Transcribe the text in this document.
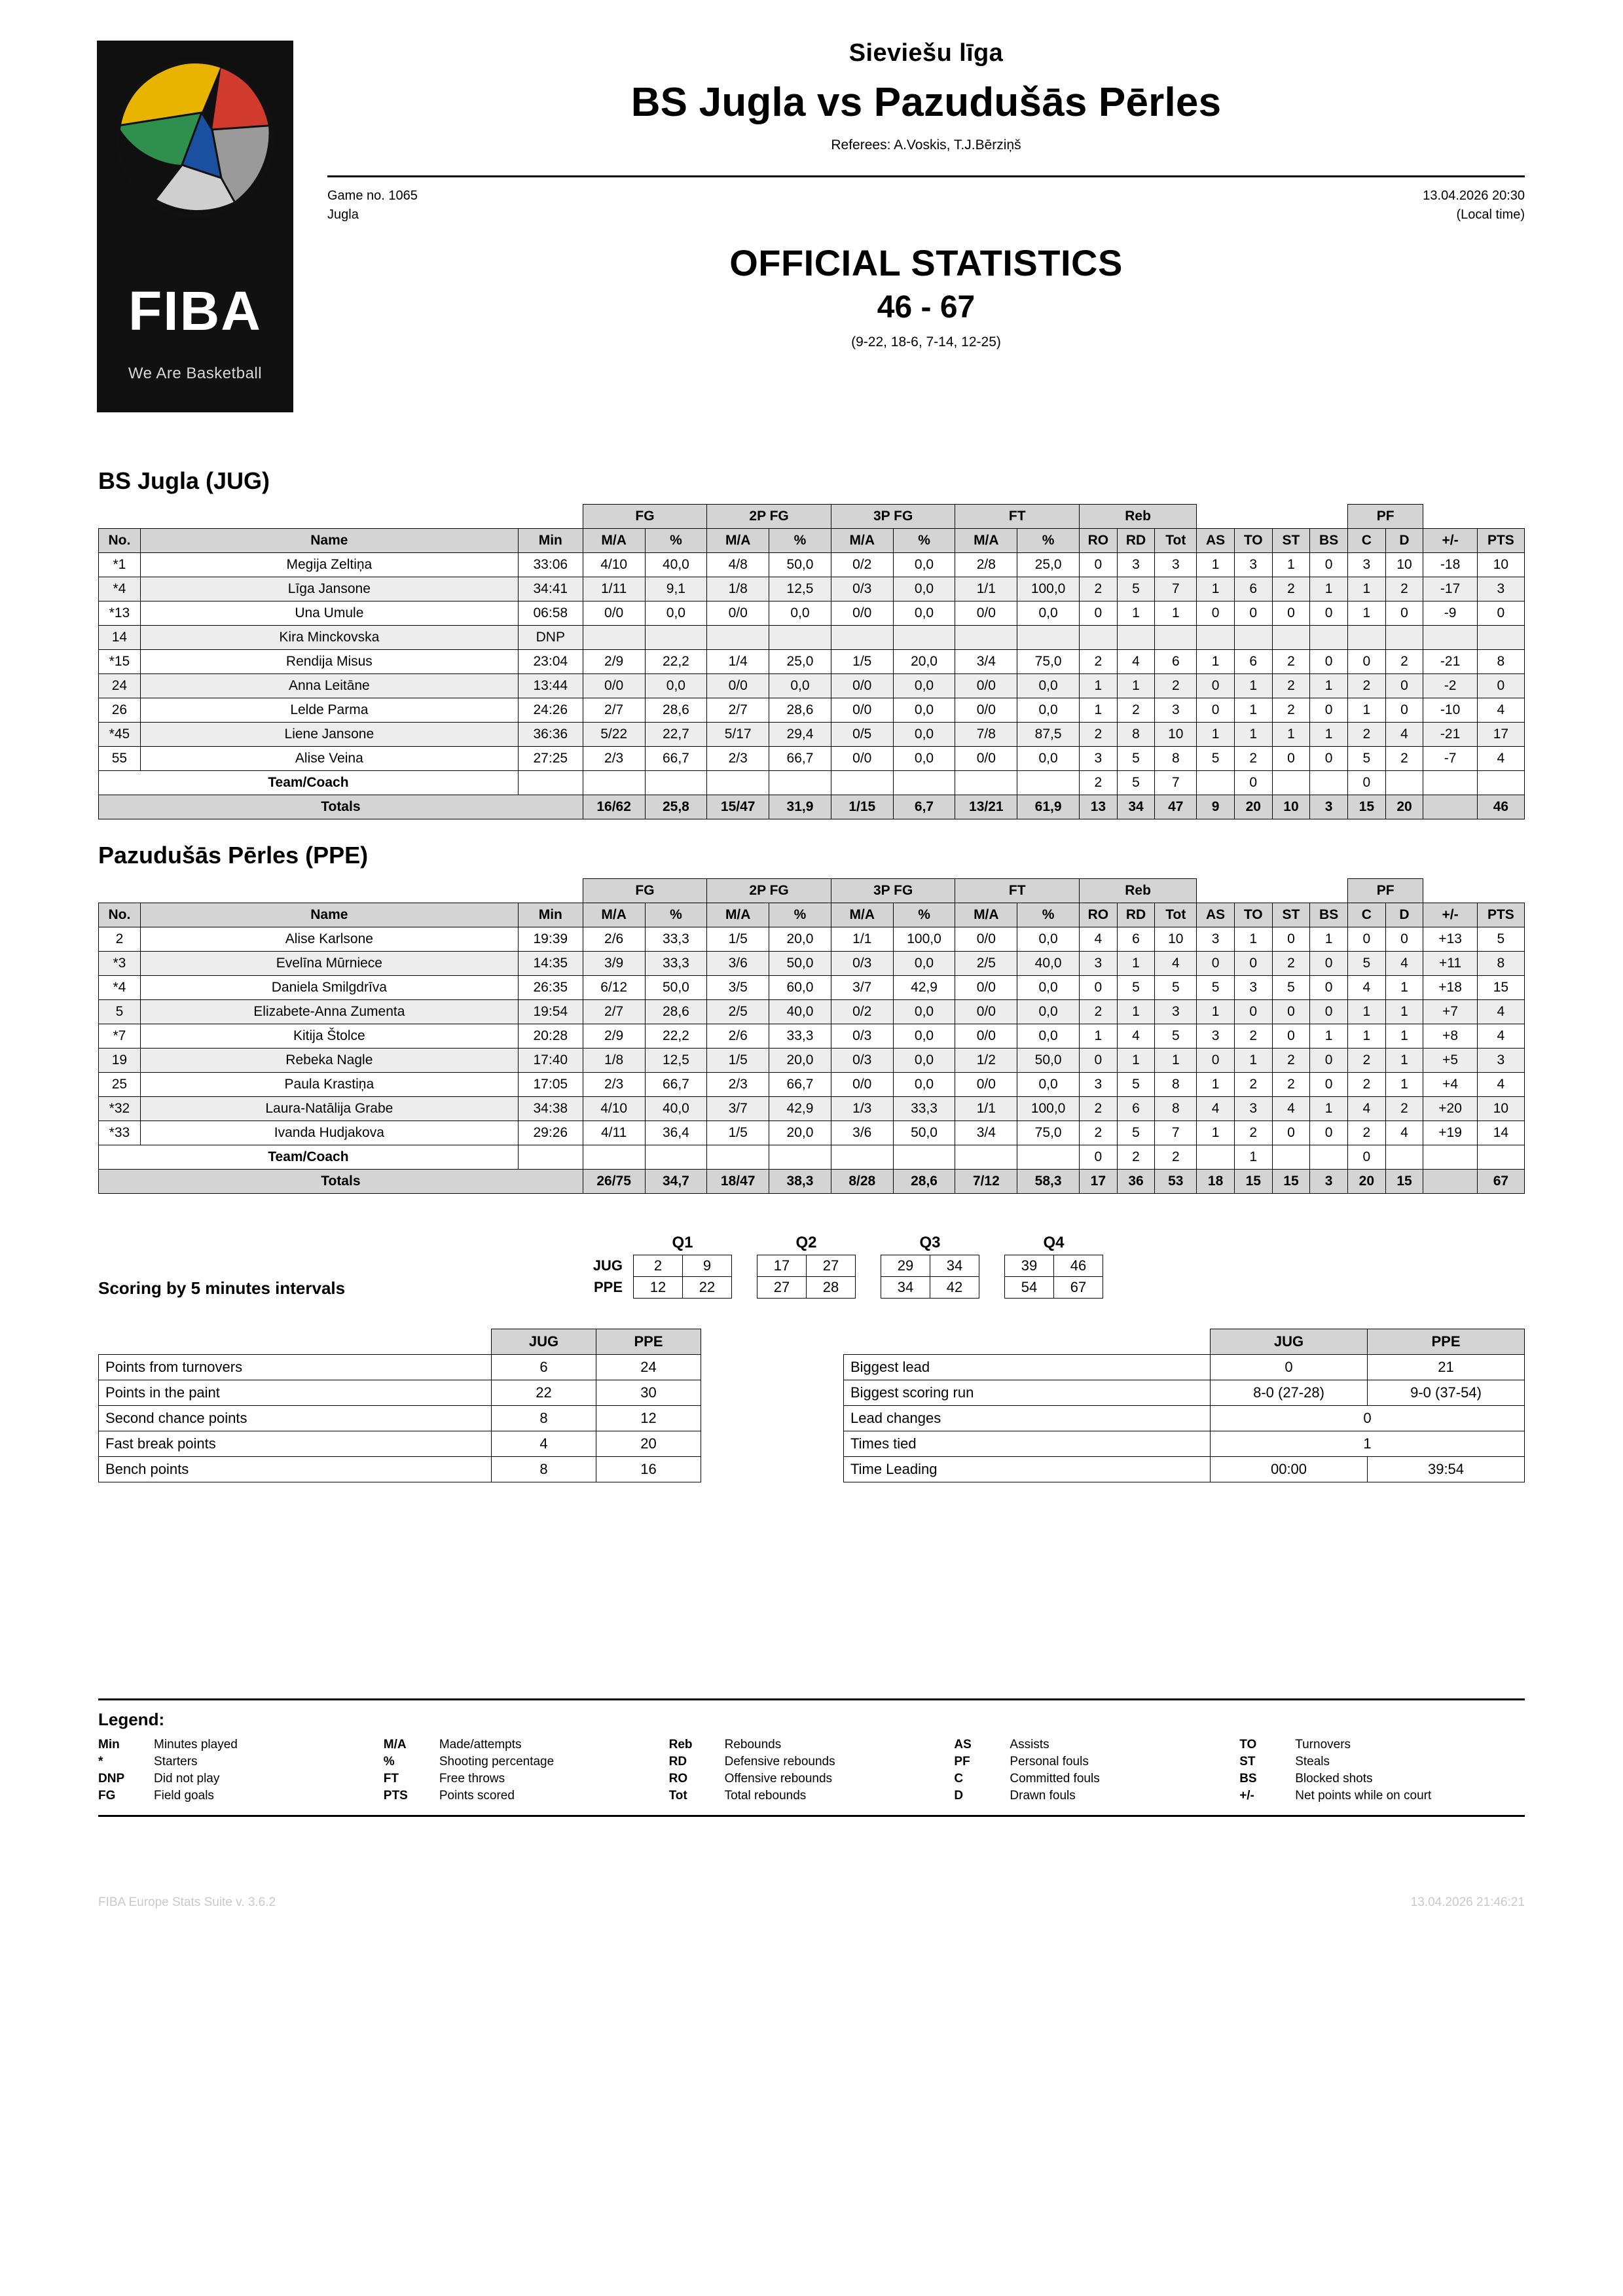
FIBA
We Are Basketball
Sieviešu līga
BS Jugla vs Pazudušās Pērles
Referees: A.Voskis, T.J.Bērziņš
Game no. 1065
Jugla
13.04.2026 20:30
(Local time)
OFFICIAL STATISTICS
46 - 67
(9-22, 18-6, 7-14, 12-25)
BS Jugla (JUG)
			FG		2P FG		3P FG		FT		Reb							PF			
No.	Name	Min	M/A	%	M/A	%	M/A	%	M/A	%	RO	RD	Tot	AS	TO	ST	BS	C	D	+/-	PTS
*1	Megija Zeltiņa	33:06	4/10	40,0	4/8	50,0	0/2	0,0	2/8	25,0	0	3	3	1	3	1	0	3	10	-18	10
*4	Līga Jansone	34:41	1/11	9,1	1/8	12,5	0/3	0,0	1/1	100,0	2	5	7	1	6	2	1	1	2	-17	3
*13	Una Umule	06:58	0/0	0,0	0/0	0,0	0/0	0,0	0/0	0,0	0	1	1	0	0	0	0	1	0	-9	0
14	Kira Minckovska	DNP																			
*15	Rendija Misus	23:04	2/9	22,2	1/4	25,0	1/5	20,0	3/4	75,0	2	4	6	1	6	2	0	0	2	-21	8
24	Anna Leitāne	13:44	0/0	0,0	0/0	0,0	0/0	0,0	0/0	0,0	1	1	2	0	1	2	1	2	0	-2	0
26	Lelde Parma	24:26	2/7	28,6	2/7	28,6	0/0	0,0	0/0	0,0	1	2	3	0	1	2	0	1	0	-10	4
*45	Liene Jansone	36:36	5/22	22,7	5/17	29,4	0/5	0,0	7/8	87,5	2	8	10	1	1	1	1	2	4	-21	17
55	Alise Veina	27:25	2/3	66,7	2/3	66,7	0/0	0,0	0/0	0,0	3	5	8	5	2	0	0	5	2	-7	4
Team/Coach											2	5	7		0			0			
Totals			16/62	25,8	15/47	31,9	1/15	6,7	13/21	61,9	13	34	47	9	20	10	3	15	20		46
Pazudušās Pērles (PPE)
			FG		2P FG		3P FG		FT		Reb							PF			
No.	Name	Min	M/A	%	M/A	%	M/A	%	M/A	%	RO	RD	Tot	AS	TO	ST	BS	C	D	+/-	PTS
2	Alise Karlsone	19:39	2/6	33,3	1/5	20,0	1/1	100,0	0/0	0,0	4	6	10	3	1	0	1	0	0	+13	5
*3	Evelīna Mūrniece	14:35	3/9	33,3	3/6	50,0	0/3	0,0	2/5	40,0	3	1	4	0	0	2	0	5	4	+11	8
*4	Daniela Smilgdrīva	26:35	6/12	50,0	3/5	60,0	3/7	42,9	0/0	0,0	0	5	5	5	3	5	0	4	1	+18	15
5	Elizabete-Anna Zumenta	19:54	2/7	28,6	2/5	40,0	0/2	0,0	0/0	0,0	2	1	3	1	0	0	0	1	1	+7	4
*7	Kitija Štolce	20:28	2/9	22,2	2/6	33,3	0/3	0,0	0/0	0,0	1	4	5	3	2	0	1	1	1	+8	4
19	Rebeka Nagle	17:40	1/8	12,5	1/5	20,0	0/3	0,0	1/2	50,0	0	1	1	0	1	2	0	2	1	+5	3
25	Paula Krastiņa	17:05	2/3	66,7	2/3	66,7	0/0	0,0	0/0	0,0	3	5	8	1	2	2	0	2	1	+4	4
*32	Laura-Natālija Grabe	34:38	4/10	40,0	3/7	42,9	1/3	33,3	1/1	100,0	2	6	8	4	3	4	1	4	2	+20	10
*33	Ivanda Hudjakova	29:26	4/11	36,4	1/5	20,0	3/6	50,0	3/4	75,0	2	5	7	1	2	0	0	2	4	+19	14
Team/Coach											0	2	2		1			0			
Totals			26/75	34,7	18/47	38,3	8/28	28,6	7/12	58,3	17	36	53	18	15	15	3	20	15		67
Scoring by 5 minutes intervals
	Q1			Q2			Q3			Q4	
JUG	2	9		17	27		29	34		39	46
PPE	12	22		27	28		34	42		54	67
	JUG	PPE
Points from turnovers	6	24
Points in the paint	22	30
Second chance points	8	12
Fast break points	4	20
Bench points	8	16
	JUG	PPE
Biggest lead	0	21
Biggest scoring run	8-0 (27-28)	9-0 (37-54)
Lead changes	0	
Times tied	1	
Time Leading	00:00	39:54
Legend:
Min	Minutes played	M/A	Made/attempts	Reb	Rebounds	AS	Assists	TO	Turnovers
*	Starters	%	Shooting percentage	RD	Defensive rebounds	PF	Personal fouls	ST	Steals
DNP	Did not play	FT	Free throws	RO	Offensive rebounds	C	Committed fouls	BS	Blocked shots
FG	Field goals	PTS	Points scored	Tot	Total rebounds	D	Drawn fouls	+/-	Net points while on court
FIBA Europe Stats Suite v. 3.6.2	13.04.2026 21:46:21
